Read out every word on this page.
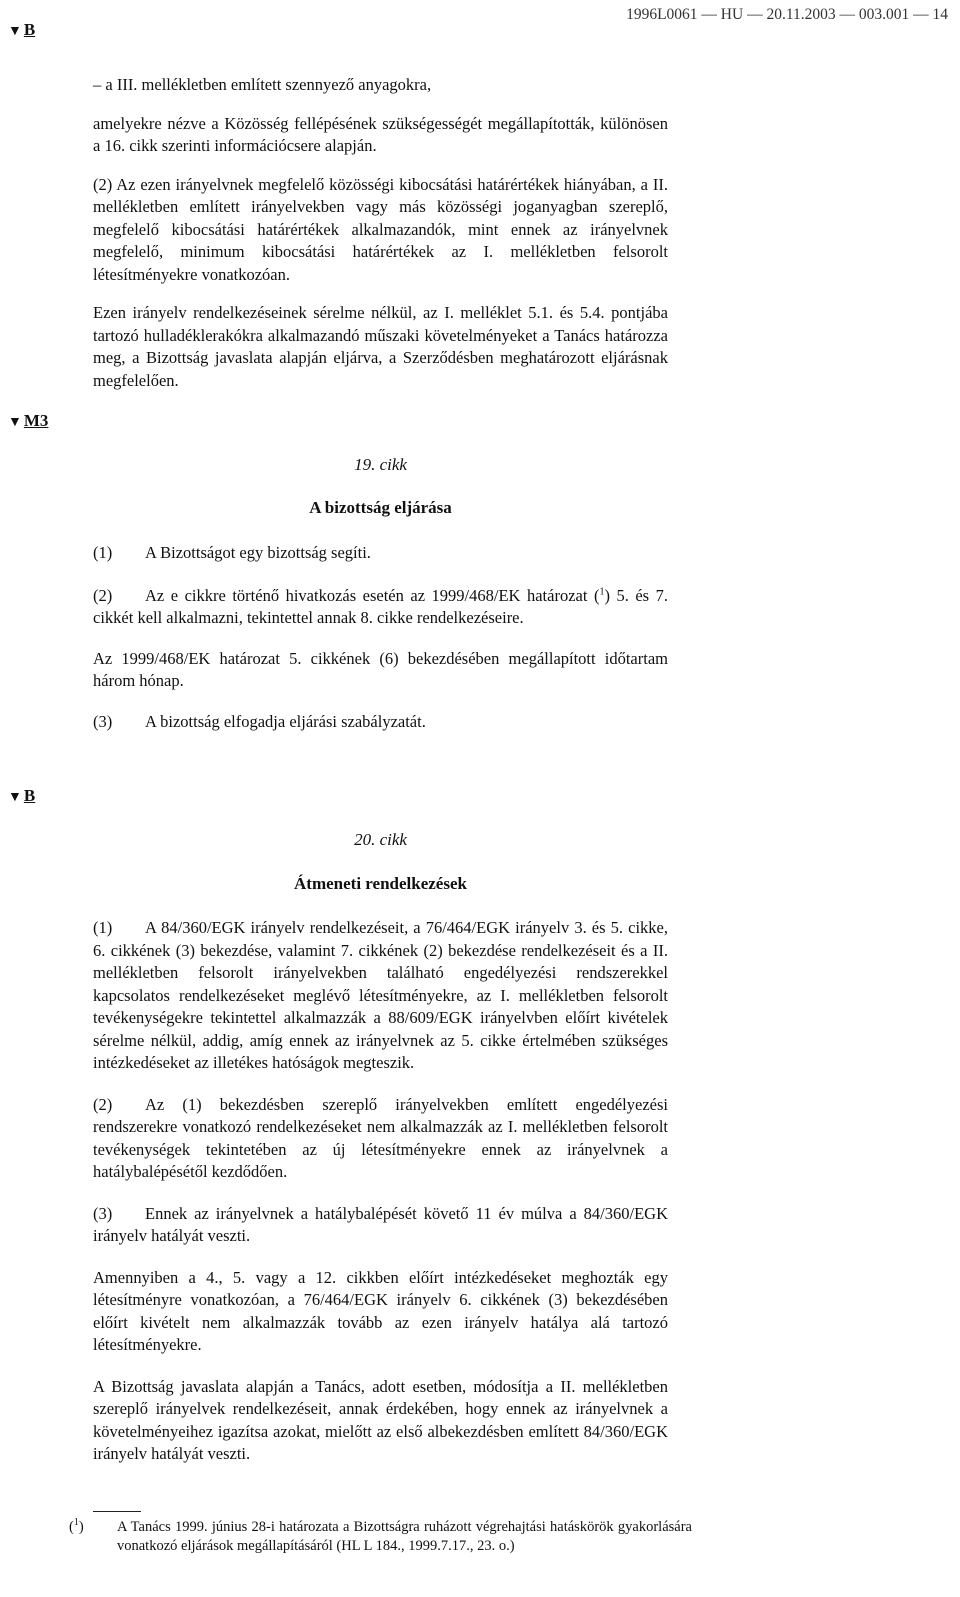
1996L0061 — HU — 20.11.2003 — 003.001 — 14
▼ B

– a III. mellékletben említett szennyező anyagokra,

amelyekre nézve a Közösség fellépésének szükségességét megállapították, különösen a 16. cikk szerinti információcsere alapján.

(2) Az ezen irányelvnek megfelelő közösségi kibocsátási határértékek hiányában, a II. mellékletben említett irányelvekben vagy más közösségi joganyagban szereplő, megfelelő kibocsátási határértékek alkalmazandók, mint ennek az irányelvnek megfelelő, minimum kibocsátási határértékek az I. mellékletben felsorolt létesítményekre vonatkozóan.

Ezen irányelv rendelkezéseinek sérelme nélkül, az I. melléklet 5.1. és 5.4. pontjába tartozó hulladéklerakókra alkalmazandó műszaki követelményeket a Tanács határozza meg, a Bizottság javaslata alapján eljárva, a Szerződésben meghatározott eljárásnak megfelelően.

▼ M3
19. cikk
A bizottság eljárása

(1) A Bizottságot egy bizottság segíti.

(2) Az e cikkre történő hivatkozás esetén az 1999/468/EK határozat ($^1$) 5. és 7. cikkét kell alkalmazni, tekintettel annak 8. cikke rendelkezéseire.

Az 1999/468/EK határozat 5. cikkének (6) bekezdésében megállapított időtartam három hónap.

(3) A bizottság elfogadja eljárási szabályzatát.

▼ B
20. cikk
Átmeneti rendelkezések

(1) A 84/360/EGK irányelv rendelkezéseit, a 76/464/EGK irányelv 3. és 5. cikke, 6. cikkének (3) bekezdése, valamint 7. cikkének (2) bekezdése rendelkezéseit és a II. mellékletben felsorolt irányelvekben található engedélyezési rendszerekkel kapcsolatos rendelkezéseket meglévő létesítményekre, az I. mellékletben felsorolt tevékenységekre tekintettel alkalmazzák a 88/609/EGK irányelvben előírt kivételek sérelme nélkül, addig, amíg ennek az irányelvnek az 5. cikke értelmében szükséges intézkedéseket az illetékes hatóságok megteszik.

(2) Az (1) bekezdésben szereplő irányelvekben említett engedélyezési rendszerekre vonatkozó rendelkezéseket nem alkalmazzák az I. mellékletben felsorolt tevékenységek tekintetében az új létesítményekre ennek az irányelvnek a hatálybalépésétől kezdődően.

(3) Ennek az irányelvnek a hatálybalépését követő 11 év múlva a 84/360/EGK irányelv hatályát veszti.

Amennyiben a 4., 5. vagy a 12. cikkben előírt intézkedéseket meghozták egy létesítményre vonatkozóan, a 76/464/EGK irányelv 6. cikkének (3) bekezdésében előírt kivételt nem alkalmazzák tovább az ezen irányelv hatálya alá tartozó létesítményekre.

A Bizottság javaslata alapján a Tanács, adott esetben, módosítja a II. mellékletben szereplő irányelvek rendelkezéseit, annak érdekében, hogy ennek az irányelvnek a követelményeihez igazítsa azokat, mielőtt az első albekezdésben említett 84/360/EGK irányelv hatályát veszti.

($^1$) A Tanács 1999. június 28-i határozata a Bizottságra ruházott végrehajtási hatáskörök gyakorlására vonatkozó eljárások megállapításáról (HL L 184., 1999.7.17., 23. o.)
